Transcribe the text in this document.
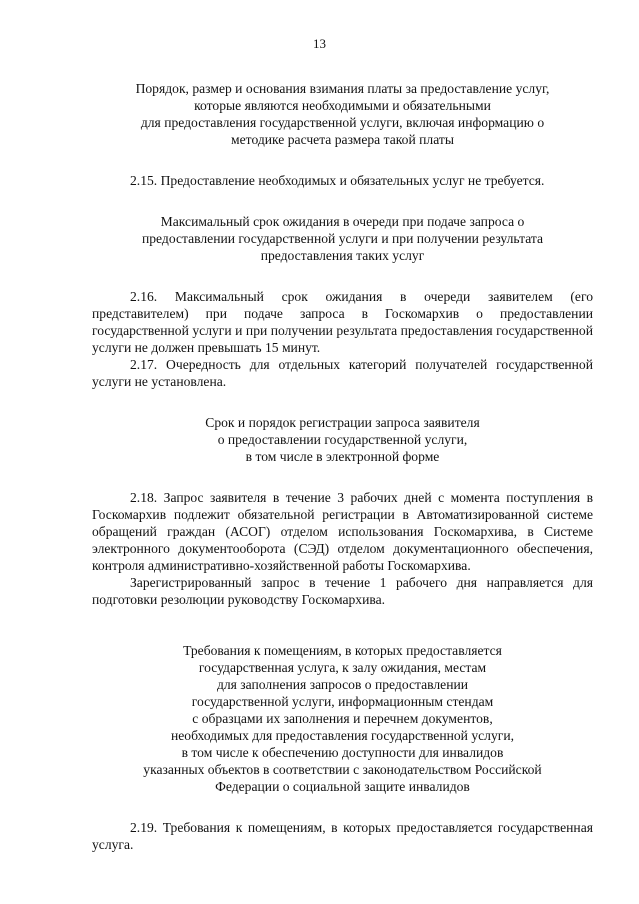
13
Порядок, размер и основания взимания платы за предоставление услуг,
которые являются необходимыми и обязательными
для предоставления государственной услуги, включая информацию о
методике расчета размера такой платы
2.15. Предоставление необходимых и обязательных услуг не требуется.
Максимальный срок ожидания в очереди при подаче запроса о
предоставлении государственной услуги и при получении результата
предоставления таких услуг
2.16. Максимальный срок ожидания в очереди заявителем (его представителем) при подаче запроса в Госкомархив о предоставлении государственной услуги и при получении результата предоставления государственной услуги не должен превышать 15 минут.
2.17. Очередность для отдельных категорий получателей государственной услуги не установлена.
Срок и порядок регистрации запроса заявителя
о предоставлении государственной услуги,
в том числе в электронной форме
2.18. Запрос заявителя в течение 3 рабочих дней с момента поступления в Госкомархив подлежит обязательной регистрации в Автоматизированной системе обращений граждан (АСОГ) отделом использования Госкомархива, в Системе электронного документооборота (СЭД) отделом документационного обеспечения, контроля административно-хозяйственной работы Госкомархива.
Зарегистрированный запрос в течение 1 рабочего дня направляется для подготовки резолюции руководству Госкомархива.
Требования к помещениям, в которых предоставляется
государственная услуга, к залу ожидания, местам
для заполнения запросов о предоставлении
государственной услуги, информационным стендам
с образцами их заполнения и перечнем документов,
необходимых для предоставления государственной услуги,
в том числе к обеспечению доступности для инвалидов
указанных объектов в соответствии с законодательством Российской
Федерации о социальной защите инвалидов
2.19. Требования к помещениям, в которых предоставляется государственная услуга.
